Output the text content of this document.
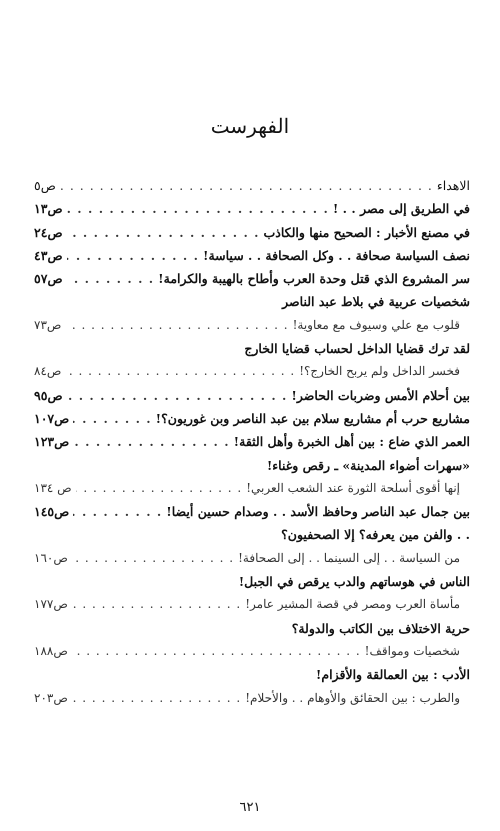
الفهرست
الاهداء
. . .
ص٥
في الطريق إلى مصر . . !
. . .
ص١٣
في مصنع الأخبار : الصحيح منها والكاذب
. . .
ص٢٤
نصف السياسة صحافة . . وكل الصحافة . . سياسة!
. . .
ص٤٣
سر المشروع الذي قتل وحدة العرب وأطاح بالهيبة والكرامة!
. . .
ص٥٧
شخصيات عربية في بلاط عبد الناصر
قلوب مع علي وسيوف مع معاوية!
. . .
ص٧٣
لقد ترك قضايا الداخل لحساب قضايا الخارج
فخسر الداخل ولم يربح الخارج؟!
. . .
ص٨٤
بين أحلام الأمس وضربات الحاضر!
. . .
ص٩٥
مشاريع حرب أم مشاريع سلام بين عبد الناصر وبن غوريون؟!
. . .
ص١٠٧
العمر الذي ضاع : بين أهل الخبرة وأهل الثقة!
. . .
ص١٢٣
«سهرات أضواء المدينة» ـ رقص وغناء!
إنها أقوى أسلحة الثورة عند الشعب العربي!
. . .
ص ١٣٤
بين جمال عبد الناصر وحافظ الأسد . . وصدام حسين أيضا!
. . .
ص١٤٥
. . والفن مين يعرفه؟ إلا الصحفيون؟
من السياسة . . إلى السينما . . إلى الصحافة!
. . .
ص١٦٠
الناس في هوساتهم والدب يرقص في الجبل!
مأساة العرب ومصر في قصة المشير عامر!
. . .
ص١٧٧
حرية الاختلاف بين الكاتب والدولة؟
شخصيات ومواقف!
. . .
ص١٨٨
الأدب : بين العمالقة والأقزام!
والطرب : بين الحقائق والأوهام . . والأحلام!
. . .
ص٢٠٣
٦٢١
